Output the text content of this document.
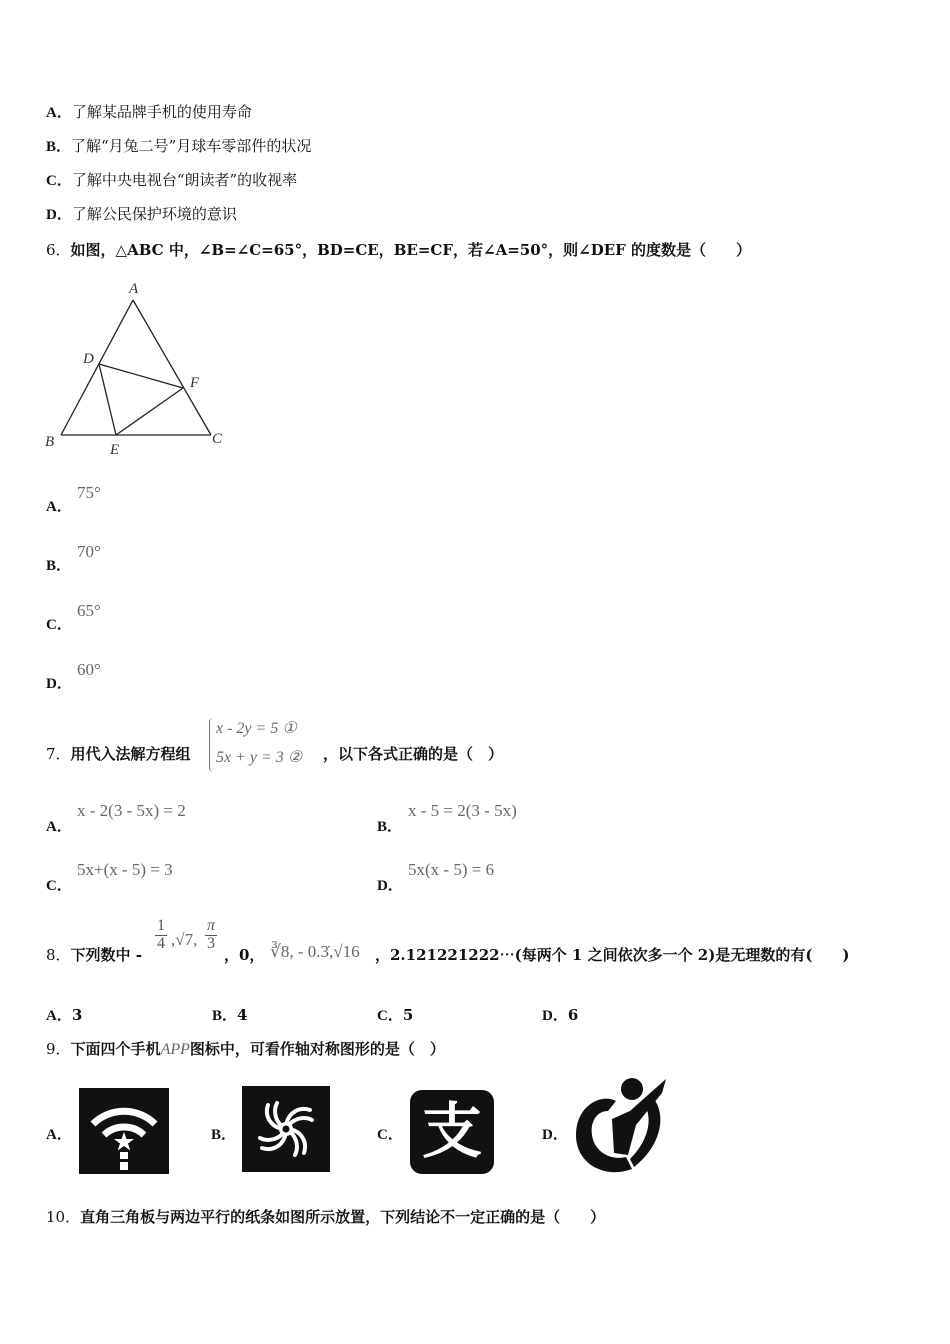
A．了解某品牌手机的使用寿命
B．了解“月兔二号”月球车零部件的状况
C．了解中央电视台“朗读者”的收视率
D．了解公民保护环境的意识
6．如图，△ABC 中，∠B=∠C=65°，BD=CE，BE=CF，若∠A=50°，则∠DEF 的度数是（　　）
A
B	C
D
E
F
A．
75°
B．
70°
C．
65°
D．
60°
7．用代入法解方程组
x - 2y = 5 ①
5x + y = 3 ② ，以下各式正确的是（　）
A．
x - 2(3 - 5x) = 2
B．
x - 5 = 2(3 - 5x)
C．
5x+(x - 5) = 3
D．
5x(x - 5) = 6
8．下列数中 -
$\frac{1}{4} ,√7$, $\frac{\pi}{3}$
，0， ∛8, - 0.3̇,√16 ，2.121221222⋯(每两个 1 之间依次多一个 2)是无理数的有(　　)
A．3	B．4	C．5	D．6
9．下面四个手机APP图标中，可看作轴对称图形的是（　）
A．	B．	C． 支	D．
10．直角三角板与两边平行的纸条如图所示放置，下列结论不一定正确的是（　　）
